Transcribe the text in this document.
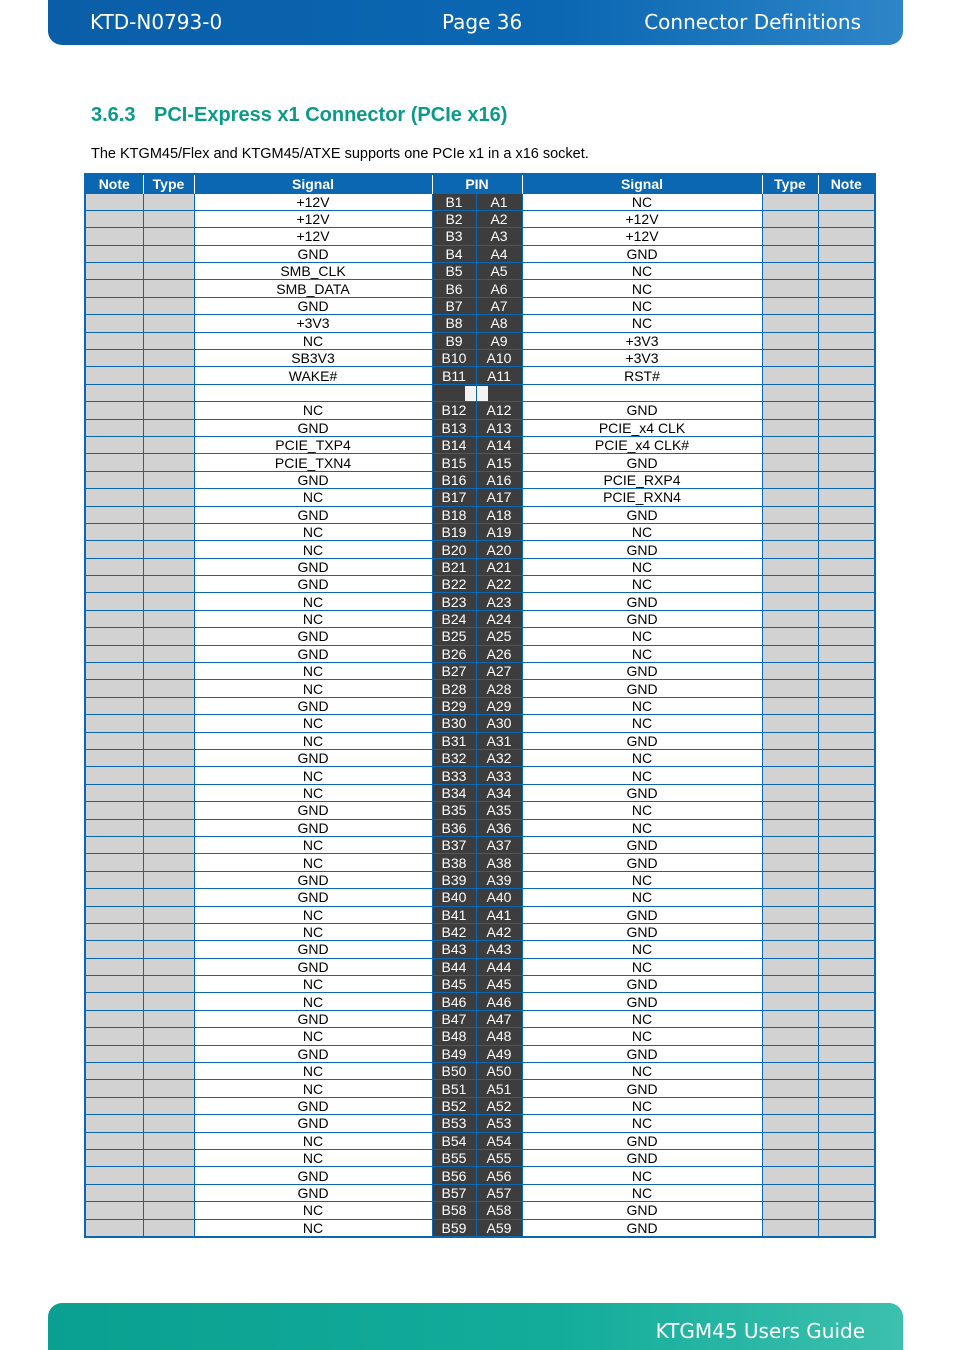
KTD-N0793-0	Page 36	Connector Definitions
3.6.3 PCI-Express x1 Connector (PCIe x16)
The KTGM45/Flex and KTGM45/ATXE supports one PCIe x1 in a x16 socket.
Note	Type	Signal	PIN		Signal	Type	Note
		+12V	B1	A1	NC		
		+12V	B2	A2	+12V		
		+12V	B3	A3	+12V		
		GND	B4	A4	GND		
		SMB_CLK	B5	A5	NC		
		SMB_DATA	B6	A6	NC		
		GND	B7	A7	NC		
		+3V3	B8	A8	NC		
		NC	B9	A9	+3V3		
		SB3V3	B10	A10	+3V3		
		WAKE#	B11	A11	RST#		

		NC	B12	A12	GND		
		GND	B13	A13	PCIE_x4 CLK		
		PCIE_TXP4	B14	A14	PCIE_x4 CLK#		
		PCIE_TXN4	B15	A15	GND		
		GND	B16	A16	PCIE_RXP4		
		NC	B17	A17	PCIE_RXN4		
		GND	B18	A18	GND		
		NC	B19	A19	NC		
		NC	B20	A20	GND		
		GND	B21	A21	NC		
		GND	B22	A22	NC		
		NC	B23	A23	GND		
		NC	B24	A24	GND		
		GND	B25	A25	NC		
		GND	B26	A26	NC		
		NC	B27	A27	GND		
		NC	B28	A28	GND		
		GND	B29	A29	NC		
		NC	B30	A30	NC		
		NC	B31	A31	GND		
		GND	B32	A32	NC		
		NC	B33	A33	NC		
		NC	B34	A34	GND		
		GND	B35	A35	NC		
		GND	B36	A36	NC		
		NC	B37	A37	GND		
		NC	B38	A38	GND		
		GND	B39	A39	NC		
		GND	B40	A40	NC		
		NC	B41	A41	GND		
		NC	B42	A42	GND		
		GND	B43	A43	NC		
		GND	B44	A44	NC		
		NC	B45	A45	GND		
		NC	B46	A46	GND		
		GND	B47	A47	NC		
		NC	B48	A48	NC		
		GND	B49	A49	GND		
		NC	B50	A50	NC		
		NC	B51	A51	GND		
		GND	B52	A52	NC		
		GND	B53	A53	NC		
		NC	B54	A54	GND		
		NC	B55	A55	GND		
		GND	B56	A56	NC		
		GND	B57	A57	NC		
		NC	B58	A58	GND		
		NC	B59	A59	GND		
KTGM45 Users Guide
